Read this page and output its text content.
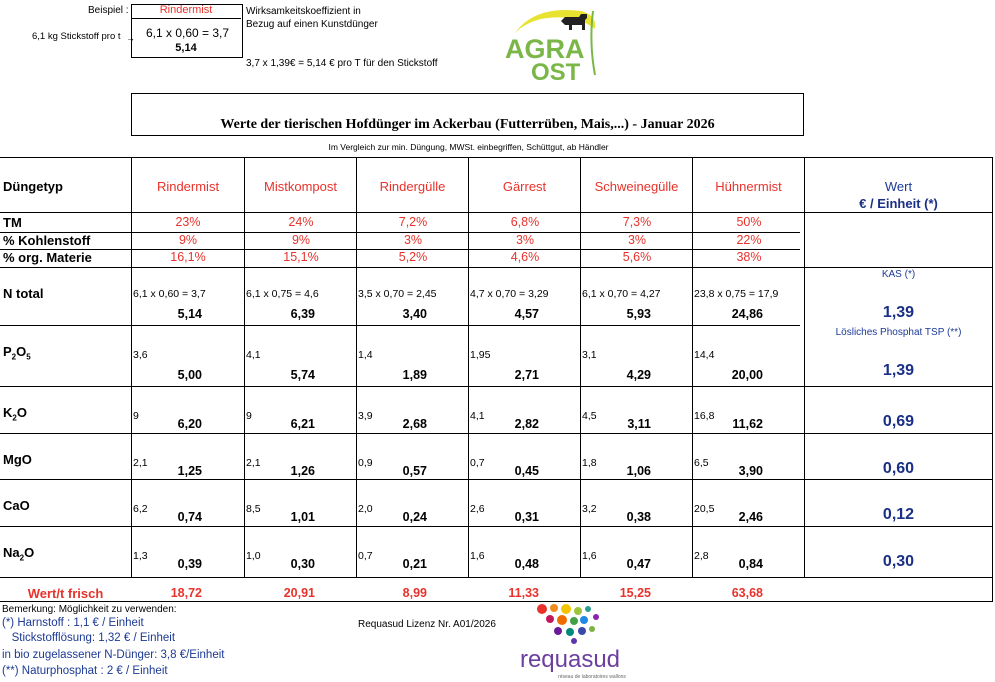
Beispiel :	Rindermist
6,1 kg Stickstoff pro t → 6,1 x 0,60 = 3,7
5,14
Wirksamkeitskoeffizient in
Bezug auf einen Kunstdünger
3,7 x 1,39€ = 5,14 € pro T für den Stickstoff AGRA
OST
Werte der tierischen Hofdünger im Ackerbau (Futterrüben, Mais,...) - Januar 2026
Im Vergleich zur min. Düngung, MWSt. einbegriffen, Schüttgut, ab Händler
Düngetyp	Rindermist	Mistkompost	Rindergülle	Gärrest	Schweinegülle	Hühnermist	Wert
€ / Einheit (*)
TM	23%	24%	7,2%	6,8%	7,3%	50%
% Kohlenstoff	9%	9%	3%	3%	3%	22%
% org. Materie	16,1%	15,1%	5,2%	4,6%	5,6%	38%
N total	6,1 x 0,60 = 3,7	6,1 x 0,75 = 4,6	3,5 x 0,70 = 2,45	4,7 x 0,70 = 3,29	6,1 x 0,70 = 4,27	23,8 x 0,75 = 17,9
5,14	6,39	3,40	4,57	5,93	24,86
KAS (*)
1,39
$P_2O_5$	3,6	4,1	1,4	1,95	3,1	14,4
5,00	5,74	1,89	2,71	4,29	20,00
Lösliches Phosphat TSP (**)
1,39
$K_2O$	9	9	3,9	4,1	4,5	16,8
6,20	6,21	2,68	2,82	3,11	11,62	0,69
MgO	2,1	2,1	0,9	0,7	1,8	6,5
1,25	1,26	0,57	0,45	1,06	3,90	0,60
CaO	6,2	8,5	2,0	2,6	3,2	20,5
0,74	1,01	0,24	0,31	0,38	2,46	0,12
$Na_2O$	1,3	1,0	0,7	1,6	1,6	2,8
0,39	0,30	0,21	0,48	0,47	0,84	0,30
Wert/t frisch	18,72	20,91	8,99	11,33	15,25	63,68
Bemerkung: Möglichkeit zu verwenden:
(*) Harnstoff : 1,1 € / Einheit
Stickstofflösung: 1,32 € / Einheit
in bio zugelassener N-Dünger: 3,8 €/Einheit
(**) Naturphosphat : 2 € / Einheit
Requasud Lizenz Nr. A01/2026
requasud
réseau de laboratoires wallons
